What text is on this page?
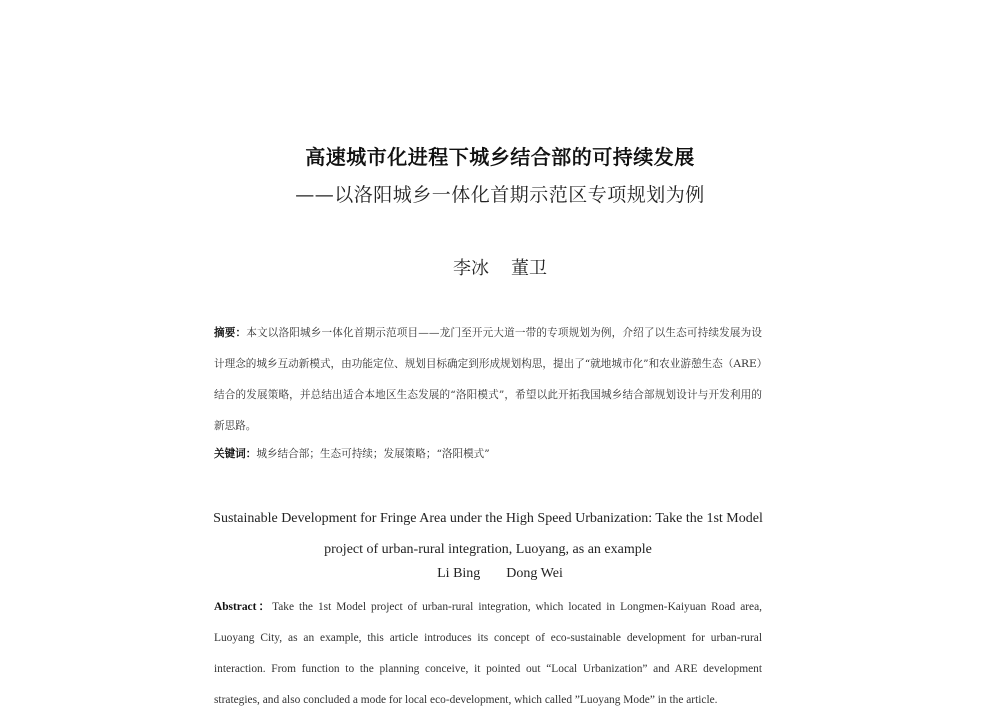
高速城市化进程下城乡结合部的可持续发展
——以洛阳城乡一体化首期示范区专项规划为例
李冰 董卫
摘要：本文以洛阳城乡一体化首期示范项目——龙门至开元大道一带的专项规划为例，介绍了以生态可持续发展为设计理念的城乡互动新模式，由功能定位、规划目标确定到形成规划构思，提出了“就地城市化”和农业游憩生态（ARE）结合的发展策略，并总结出适合本地区生态发展的“洛阳模式”，希望以此开拓我国城乡结合部规划设计与开发利用的新思路。
关键词：城乡结合部；生态可持续；发展策略；“洛阳模式”
Sustainable Development for Fringe Area under the High Speed Urbanization: Take the 1st Model project of urban-rural integration, Luoyang, as an example
Li Bing Dong Wei
Abstract：Take the 1st Model project of urban-rural integration, which located in Longmen-Kaiyuan Road area, Luoyang City, as an example, this article introduces its concept of eco-sustainable development for urban-rural interaction. From function to the planning conceive, it pointed out “Local Urbanization” and ARE development strategies, and also concluded a mode for local eco-development, which called ”Luoyang Mode” in the article.
